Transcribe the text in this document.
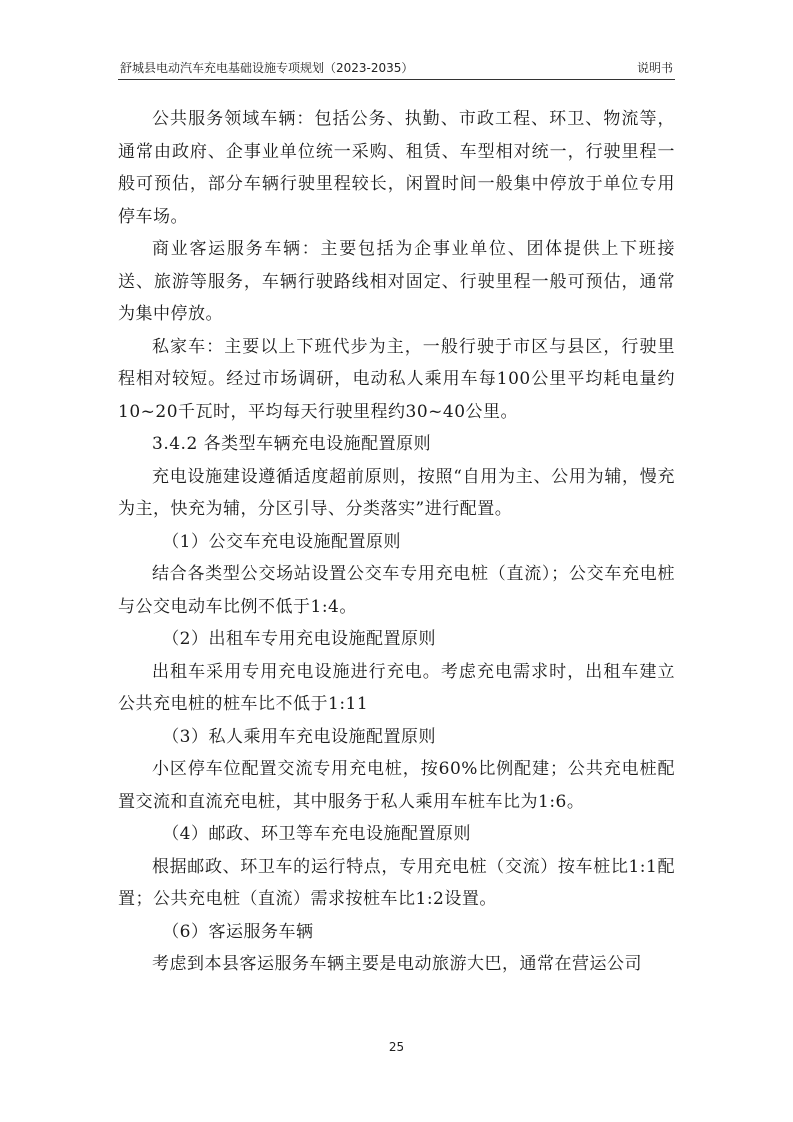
舒城县电动汽车充电基础设施专项规划（2023-2035）	说明书

公共服务领域车辆：包括公务、执勤、市政工程、环卫、物流等，通常由政府、企事业单位统一采购、租赁、车型相对统一，行驶里程一般可预估，部分车辆行驶里程较长，闲置时间一般集中停放于单位专用停车场。

商业客运服务车辆：主要包括为企事业单位、团体提供上下班接送、旅游等服务，车辆行驶路线相对固定、行驶里程一般可预估，通常为集中停放。

私家车：主要以上下班代步为主，一般行驶于市区与县区，行驶里程相对较短。经过市场调研，电动私人乘用车每100公里平均耗电量约10~20千瓦时，平均每天行驶里程约30~40公里。

3.4.2 各类型车辆充电设施配置原则

充电设施建设遵循适度超前原则，按照“自用为主、公用为辅，慢充为主，快充为辅，分区引导、分类落实”进行配置。

（1）公交车充电设施配置原则

结合各类型公交场站设置公交车专用充电桩（直流）；公交车充电桩与公交电动车比例不低于1:4。

（2）出租车专用充电设施配置原则

出租车采用专用充电设施进行充电。考虑充电需求时，出租车建立公共充电桩的桩车比不低于1:11

（3）私人乘用车充电设施配置原则

小区停车位配置交流专用充电桩，按60%比例配建；公共充电桩配置交流和直流充电桩，其中服务于私人乘用车桩车比为1:6。

（4）邮政、环卫等车充电设施配置原则

根据邮政、环卫车的运行特点，专用充电桩（交流）按车桩比1:1配置；公共充电桩（直流）需求按桩车比1:2设置。

（6）客运服务车辆

考虑到本县客运服务车辆主要是电动旅游大巴，通常在营运公司

25
